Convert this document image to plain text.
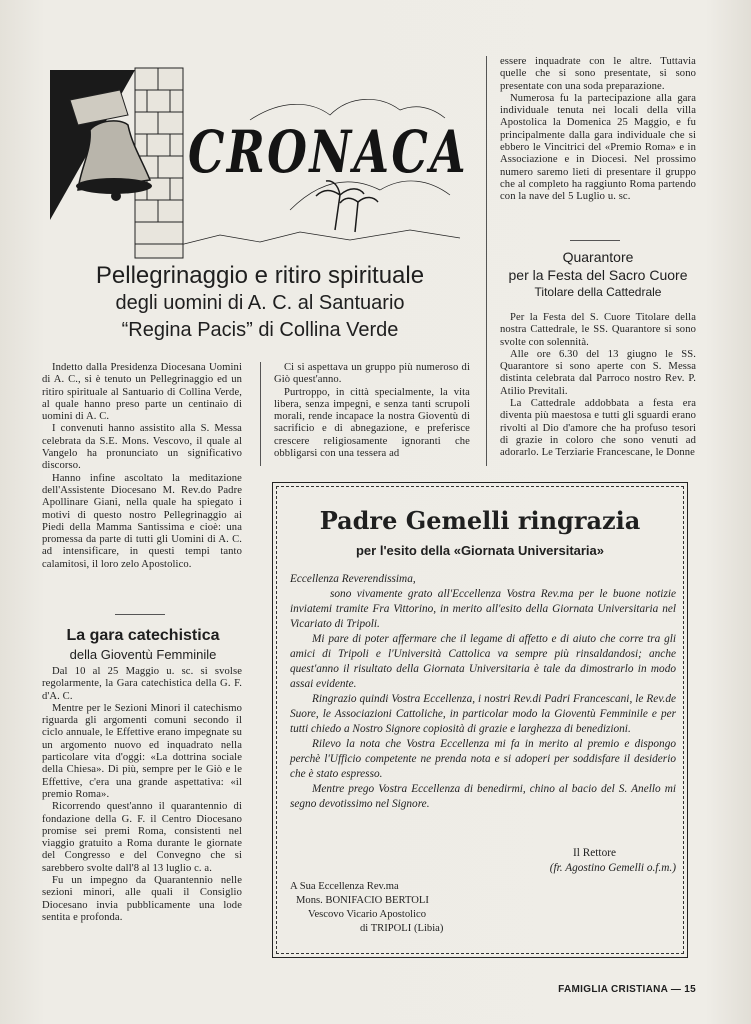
CRONACA
Pellegrinaggio e ritiro spirituale
degli uomini di A. C. al Santuario
“Regina Pacis” di Collina Verde

Indetto dalla Presidenza Diocesana Uomini di A. C., si è tenuto un Pellegrinaggio ed un ritiro spirituale al Santuario di Collina Verde, al quale hanno preso parte un centinaio di uomini di A. C.

I convenuti hanno assistito alla S. Messa celebrata da S.E. Mons. Vescovo, il quale al Vangelo ha pronunciato un significativo discorso.

Hanno infine ascoltato la meditazione dell'Assistente Diocesano M. Rev.do Padre Apollinare Giani, nella quale ha spiegato i motivi di questo nostro Pellegrinaggio ai Piedi della Mamma Santissima e cioè: una promessa da parte di tutti gli Uomini di A. C. ad intensificare, in questi tempi tanto calamitosi, il loro zelo Apostolico.

Ci si aspettava un gruppo più numeroso di Giò quest'anno.

Purtroppo, in città specialmente, la vita libera, senza impegni, e senza tanti scrupoli morali, rende incapace la nostra Gioventù di sacrificio e di abnegazione, e preferisce crescere religiosamente ignoranti che obbligarsi con una tessera ad

La gara catechistica
della Gioventù Femminile

Dal 10 al 25 Maggio u. sc. si svolse regolarmente, la Gara catechistica della G. F. d'A. C.

Mentre per le Sezioni Minori il catechismo riguarda gli argomenti comuni secondo il ciclo annuale, le Effettive erano impegnate su un argomento nuovo ed inquadrato nella particolare vita d'oggi: «La dottrina sociale della Chiesa». Di più, sempre per le Giò e le Effettive, c'era una grande aspettativa: «il premio Roma».

Ricorrendo quest'anno il quarantennio di fondazione della G. F. il Centro Diocesano promise sei premi Roma, consistenti nel viaggio gratuito a Roma durante le giornate del Congresso e del Convegno che si sarebbero svolte dall'8 al 13 luglio c. a.

Fu un impegno da Quarantennio nelle sezioni minori, alle quali il Consiglio Diocesano invia pubblicamente una lode sentita e profonda.

essere inquadrate con le altre. Tuttavia quelle che si sono presentate, si sono presentate con una soda preparazione.

Numerosa fu la partecipazione alla gara individuale tenuta nei locali della villa Apostolica la Domenica 25 Maggio, e fu principalmente dalla gara individuale che si ebbero le Vincitrici del «Premio Roma» e in Associazione e in Diocesi. Nel prossimo numero saremo lieti di presentare il gruppo che al completo ha raggiunto Roma partendo con la nave del 5 Luglio u. sc.

Quarantore
per la Festa del Sacro Cuore
Titolare della Cattedrale

Per la Festa del S. Cuore Titolare della nostra Cattedrale, le SS. Quarantore si sono svolte con solennità.

Alle ore 6.30 del 13 giugno le SS. Quarantore si sono aperte con S. Messa distinta celebrata dal Parroco nostro Rev. P. Atilio Previtali.

La Cattedrale addobbata a festa era diventa più maestosa e tutti gli sguardi erano rivolti al Dio d'amore che ha profuso tesori di grazie in coloro che sono venuti ad adorarlo. Le Terziarie Francescane, le Donne

Padre Gemelli ringrazia
per l'esito della «Giornata Universitaria»
Eccellenza Reverendissima,

sono vivamente grato all'Eccellenza Vostra Rev.ma per le buone notizie inviatemi tramite Fra Vittorino, in merito all'esito della Giornata Universitaria nel Vicariato di Tripoli.

Mi pare di poter affermare che il legame di affetto e di aiuto che corre tra gli amici di Tripoli e l'Università Cattolica va sempre più rinsaldandosi; anche quest'anno il risultato della Giornata Universitaria è tale da dimostrarlo in modo assai evidente.

Ringrazio quindi Vostra Eccellenza, i nostri Rev.di Padri Francescani, le Rev.de Suore, le Associazioni Cattoliche, in particolar modo la Gioventù Femminile e per tutti chiedo a Nostro Signore copiosità di grazie e larghezza di benedizioni.

Rilevo la nota che Vostra Eccellenza mi fa in merito al premio e dispongo perchè l'Ufficio competente ne prenda nota e si adoperi per soddisfare il desiderio che è stato espresso.

Mentre prego Vostra Eccellenza di benedirmi, chino al bacio del S. Anello mi segno devotissimo nel Signore.

Il Rettore
(fr. Agostino Gemelli o.f.m.)
A Sua Eccellenza Rev.ma
Mons. BONIFACIO BERTOLI
Vescovo Vicario Apostolico
di TRIPOLI (Libia)
FAMIGLIA CRISTIANA — 15
